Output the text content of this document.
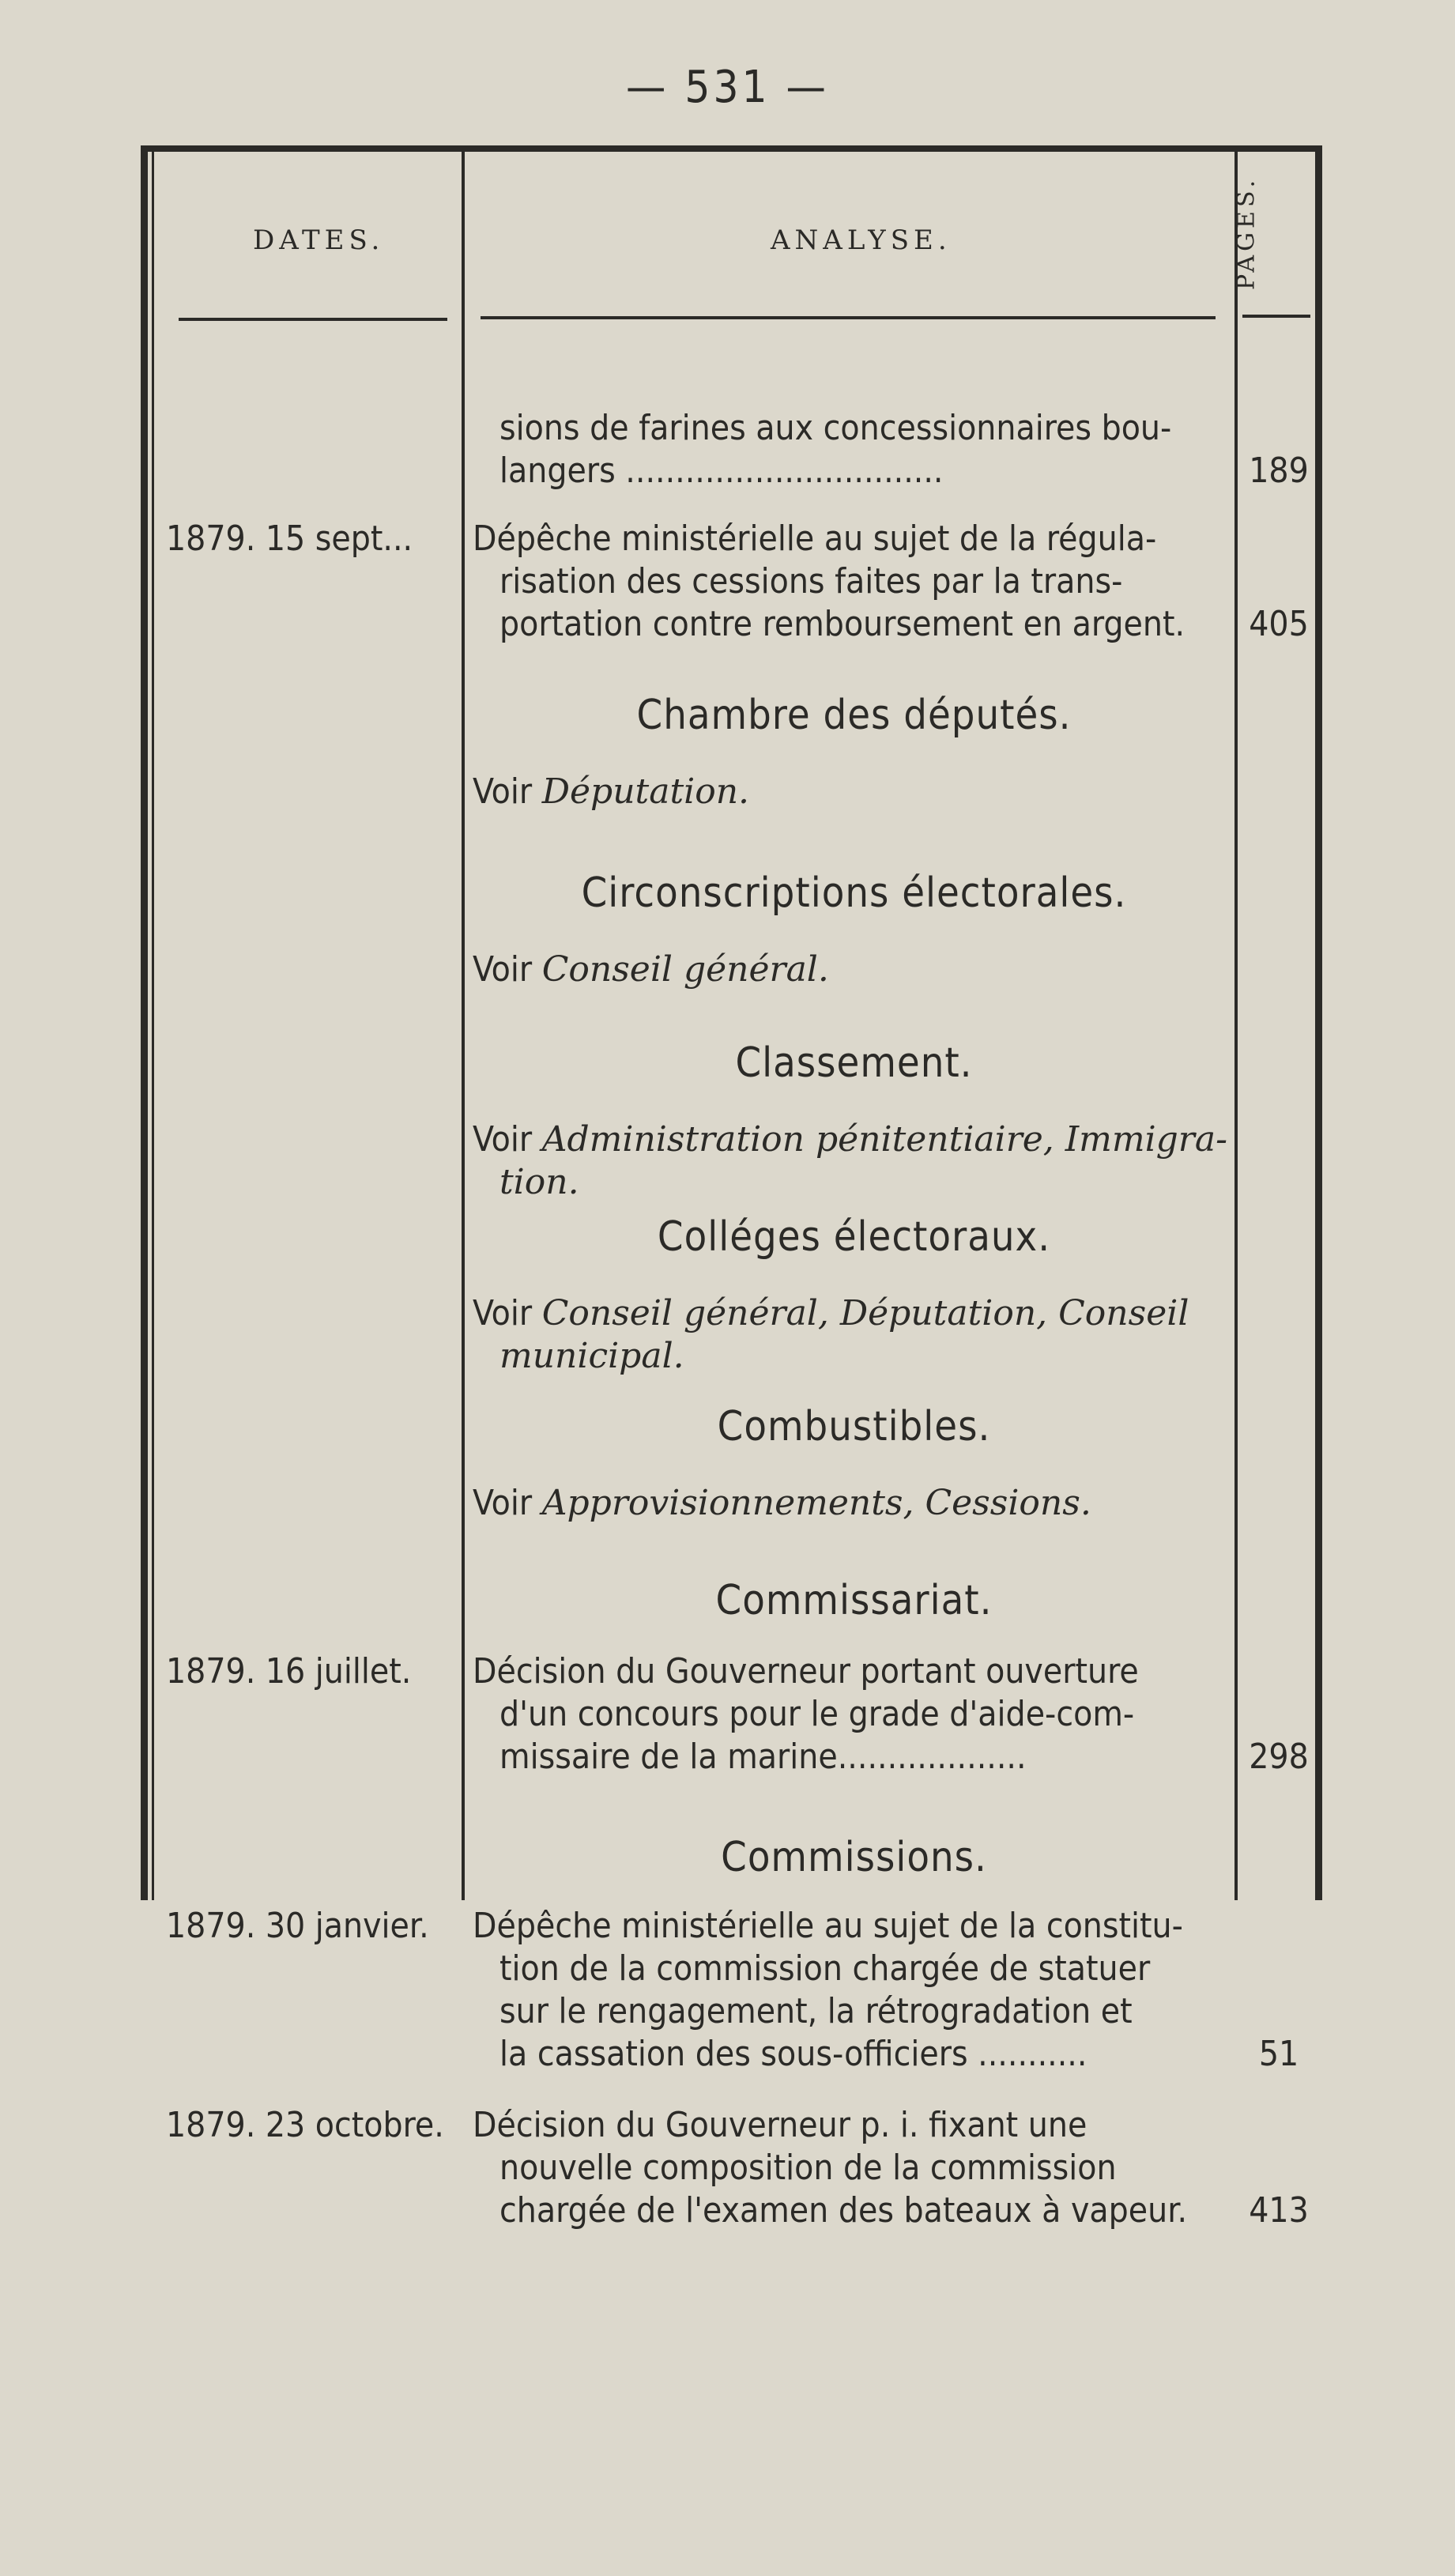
— 531 —
DATES.	ANALYSE.	PAGES.
sions de farines aux concessionnaires bou-
langers ................................	189
1879. 15 sept...	Dépêche ministérielle au sujet de la régula-
risation des cessions faites par la trans-
portation contre remboursement en argent.	405
Chambre des députés.
Voir Députation.
Circonscriptions électorales.
Voir Conseil général.
Classement.
Voir Administration pénitentiaire, Immigra-
tion.
Colléges électoraux.
Voir Conseil général, Députation, Conseil
municipal.
Combustibles.
Voir Approvisionnements, Cessions.
Commissariat.
1879. 16 juillet.	Décision du Gouverneur portant ouverture
d'un concours pour le grade d'aide-com-
missaire de la marine...................	298
Commissions.
1879. 30 janvier.	Dépêche ministérielle au sujet de la constitu-
tion de la commission chargée de statuer
sur le rengagement, la rétrogradation et
la cassation des sous-officiers ...........	51
1879. 23 octobre. Décision du Gouverneur p. i. fixant une
nouvelle composition de la commission
chargée de l'examen des bateaux à vapeur.	413
